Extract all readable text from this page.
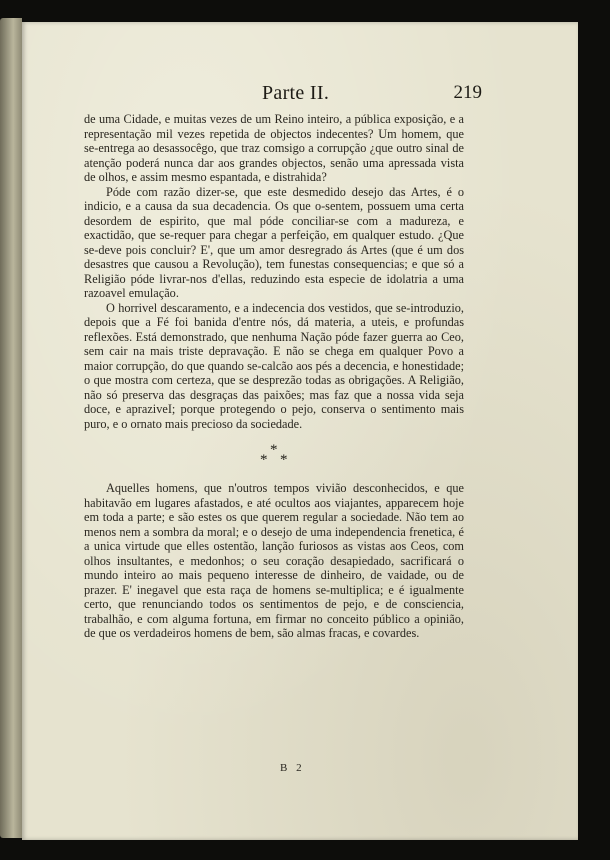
Parte II.	219

de uma Cidade, e muitas vezes de um Reino inteiro, a pública exposição, e a representação mil vezes repetida de objectos indecentes? Um homem, que se-entrega ao desassocêgo, que traz comsigo a corrupção ¿que outro sinal de atenção poderá nunca dar aos grandes objectos, senão uma apressada vista de olhos, e assim mesmo espantada, e distrahida?

Póde com razão dizer-se, que este desmedido desejo das Artes, é o indicio, e a causa da sua decadencia. Os que o-sentem, possuem uma certa desordem de espirito, que mal póde conciliar-se com a madureza, e exactidão, que se-requer para chegar a perfeição, em qualquer estudo. ¿Que se-deve pois concluir? E', que um amor desregrado ás Artes (que é um dos desastres que causou a Revolução), tem funestas consequencias; e que só a Religião póde livrar-nos d'ellas, reduzindo esta especie de idolatria a uma razoavel emulação.

O horrivel descaramento, e a indecencia dos vestidos, que se-introduzio, depois que a Fé foi banida d'entre nós, dá materia, a uteis, e profundas reflexões. Está demonstrado, que nenhuma Nação póde fazer guerra ao Ceo, sem cair na mais triste depravação. E não se chega em qualquer Povo a maior corrupção, do que quando se-calcão aos pés a decencia, e honestidade; o que mostra com certeza, que se desprezão todas as obrigações. A Religião, não só preserva das desgraças das paixões; mas faz que a nossa vida seja doce, e apraziveI; porque protegendo o pejo, conserva o sentimento mais puro, e o ornato mais precioso da sociedade.

*
*
*

Aquelles homens, que n'outros tempos vivião desconhecidos, e que habitavão em lugares afastados, e até ocultos aos viajantes, apparecem hoje em toda a parte; e são estes os que querem regular a sociedade. Não tem ao menos nem a sombra da moral; e o desejo de uma independencia frenetica, é a unica virtude que elles ostentão, lanção furiosos as vistas aos Ceos, com olhos insultantes, e medonhos; o seu coração desapiedado, sacrificará o mundo inteiro ao mais pequeno interesse de dinheiro, de vaidade, ou de prazer. E' inegavel que esta raça de homens se-multiplica; e é igualmente certo, que renunciando todos os sentimentos de pejo, e de consciencia, trabalhão, e com alguma fortuna, em firmar no conceito público a opinião, de que os verdadeiros homens de bem, são almas fracas, e covardes.

B 2
